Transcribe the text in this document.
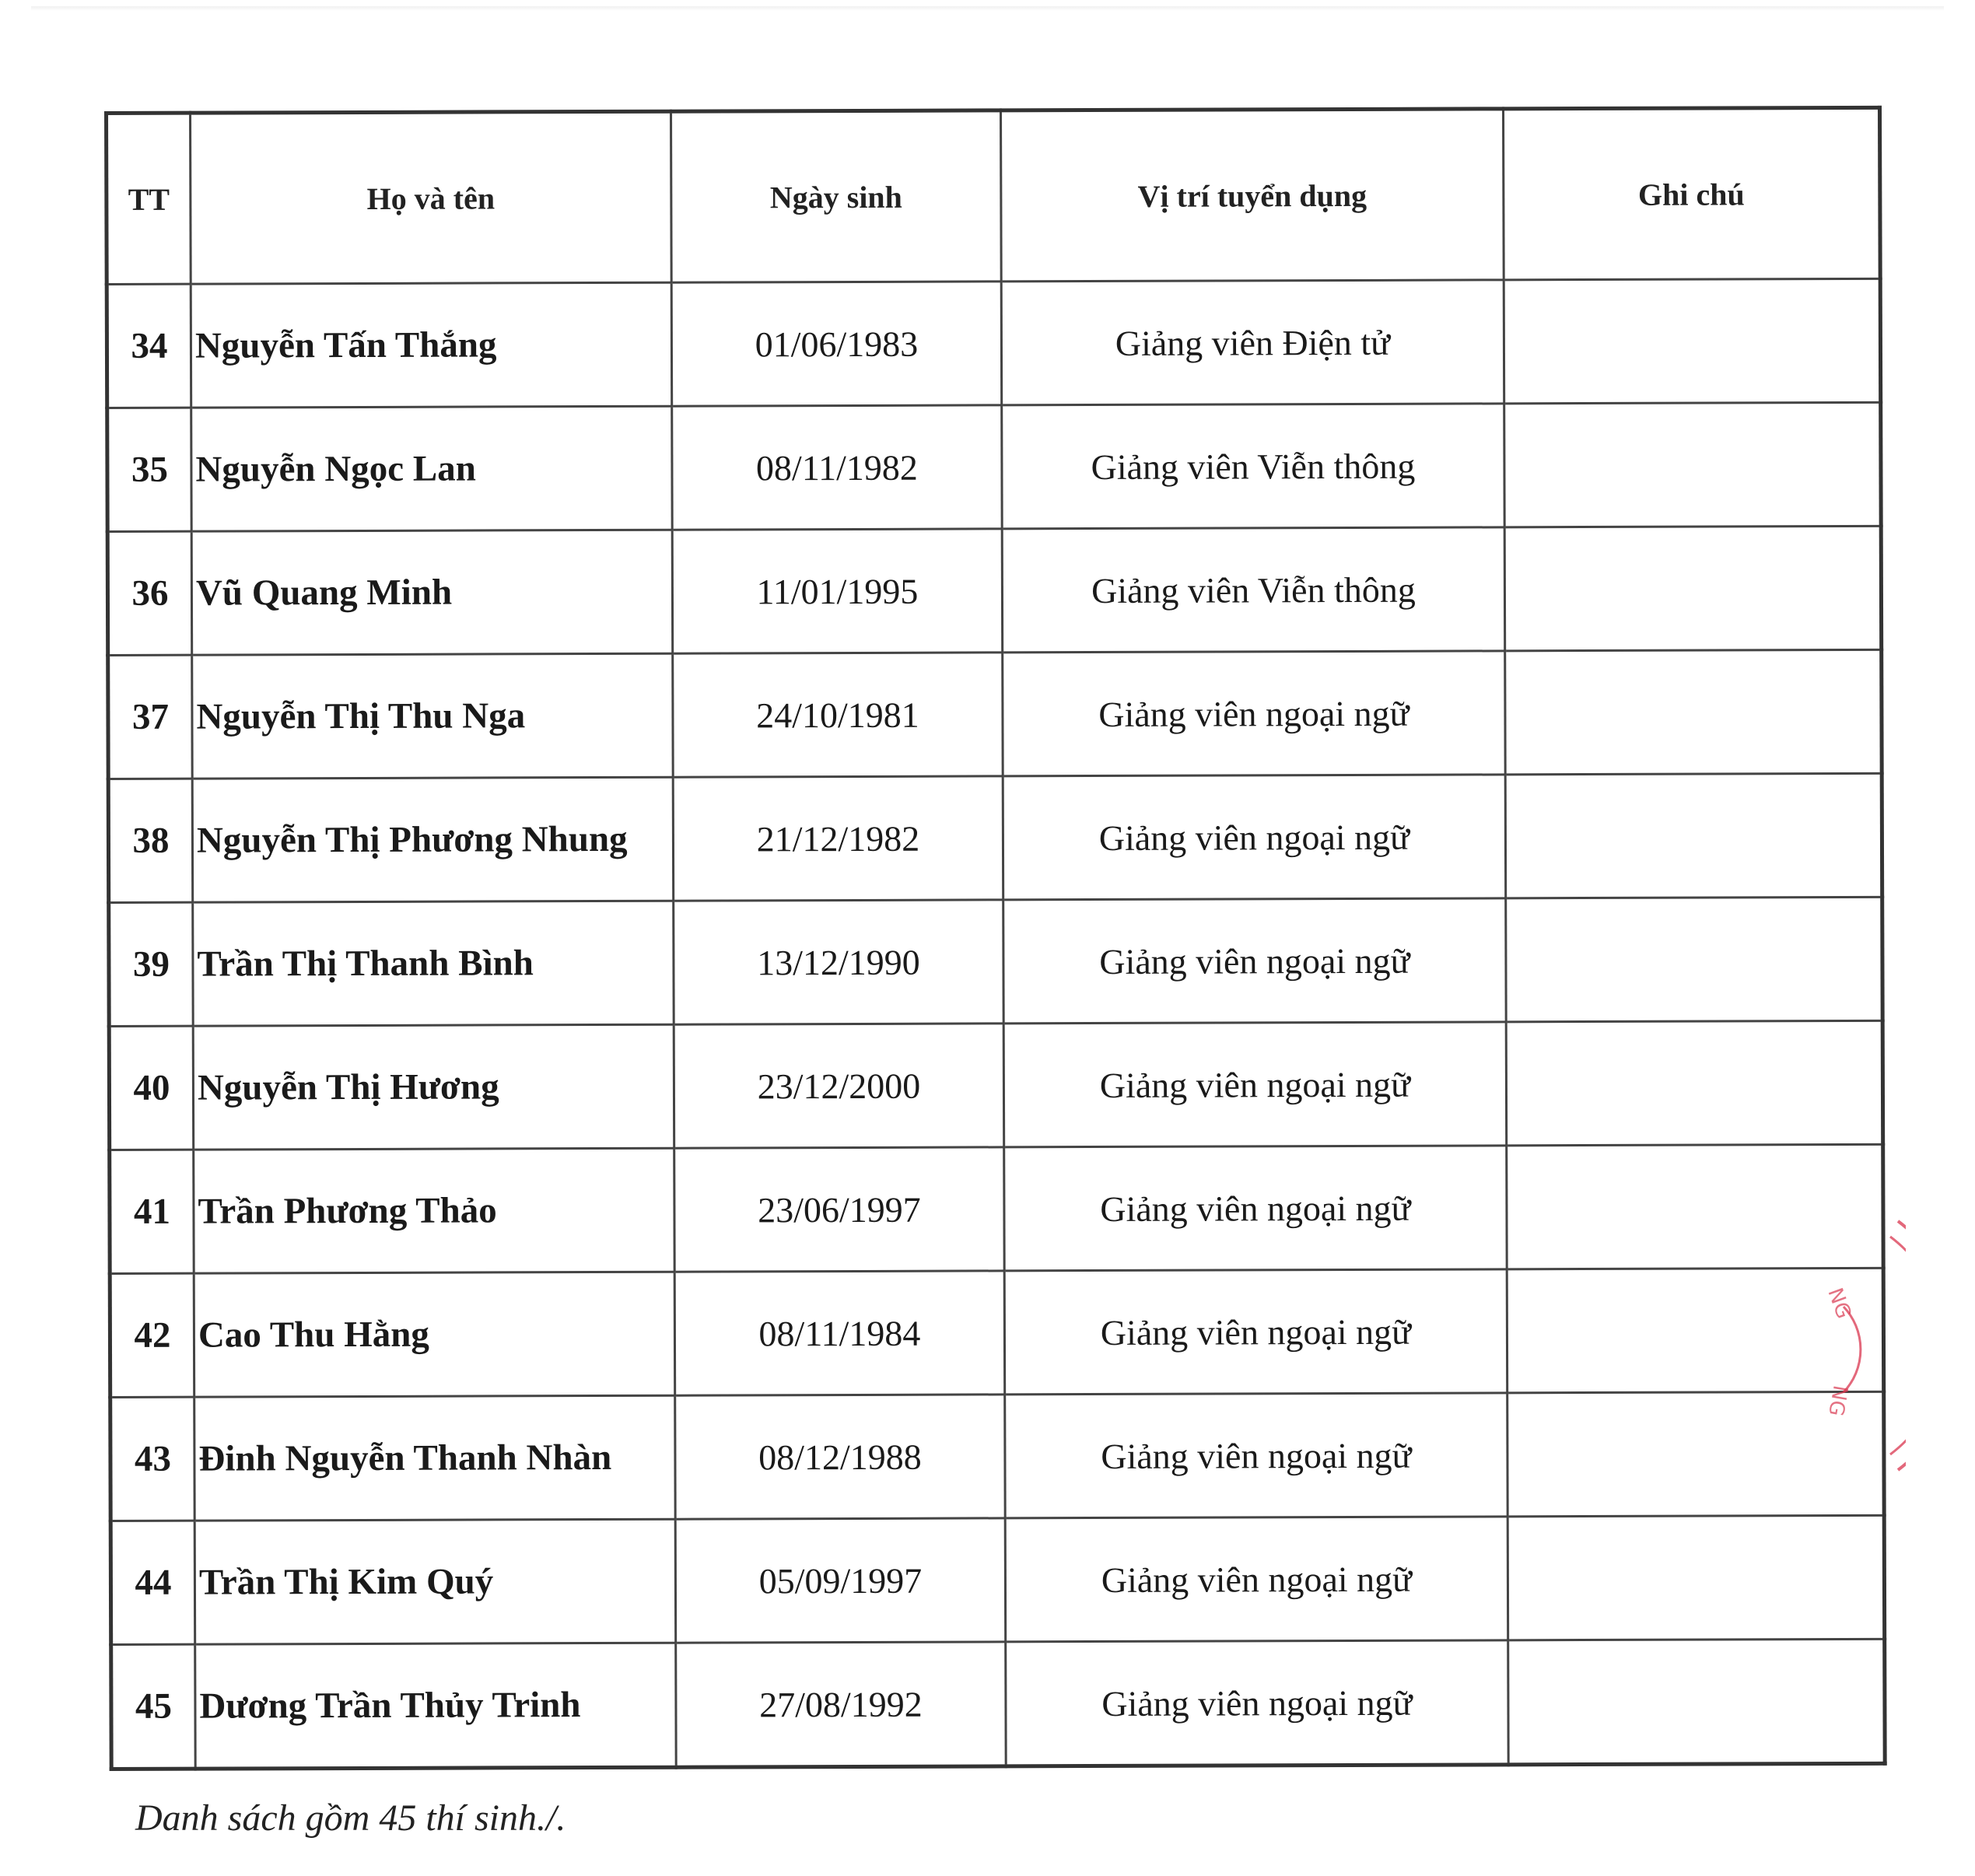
TT	Họ và tên	Ngày sinh	Vị trí tuyển dụng	Ghi chú
34	Nguyễn Tấn Thắng	01/06/1983	Giảng viên Điện tử	
35	Nguyễn Ngọc Lan	08/11/1982	Giảng viên Viễn thông	
36	Vũ Quang Minh	11/01/1995	Giảng viên Viễn thông	
37	Nguyễn Thị Thu Nga	24/10/1981	Giảng viên ngoại ngữ	
38	Nguyễn Thị Phương Nhung	21/12/1982	Giảng viên ngoại ngữ	
39	Trần Thị Thanh Bình	13/12/1990	Giảng viên ngoại ngữ	
40	Nguyễn Thị Hương	23/12/2000	Giảng viên ngoại ngữ	
41	Trần Phương Thảo	23/06/1997	Giảng viên ngoại ngữ	
42	Cao Thu Hằng	08/11/1984	Giảng viên ngoại ngữ	
43	Đinh Nguyễn Thanh Nhàn	08/12/1988	Giảng viên ngoại ngữ	
44	Trần Thị Kim Quý	05/09/1997	Giảng viên ngoại ngữ	
45	Dương Trần Thủy Trinh	27/08/1992	Giảng viên ngoại ngữ	
Danh sách gồm 45 thí sinh./.
NG
NG
